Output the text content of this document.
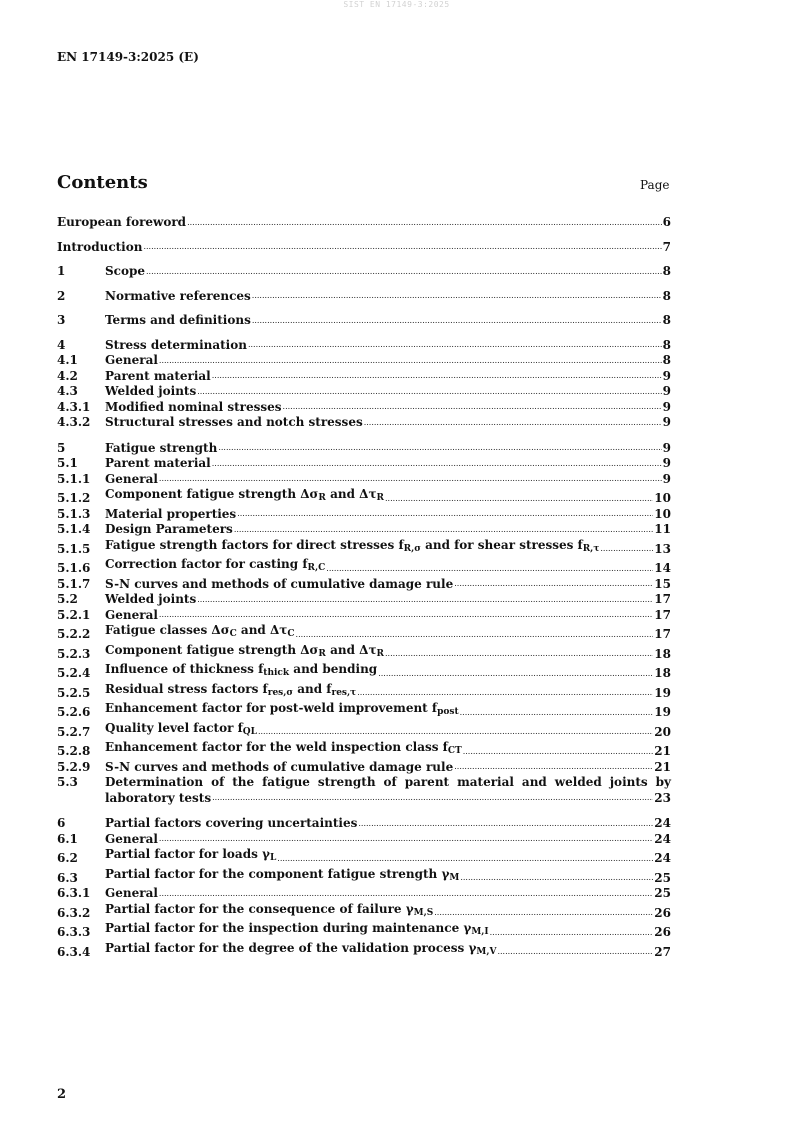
SIST EN 17149-3:2025
EN 17149-3:2025 (E)
Contents	Page
European foreword .....	6
Introduction .....	7
1	Scope .....	8
2	Normative references .....	8
3	Terms and definitions .....	8
4	Stress determination .....	8
4.1	General .....	8
4.2	Parent material .....	9
4.3	Welded joints .....	9
4.3.1	Modified nominal stresses .....	9
4.3.2	Structural stresses and notch stresses .....	9
5	Fatigue strength .....	9
5.1	Parent material .....	9
5.1.1	General .....	9
5.1.2	Component fatigue strength $\Delta\sigma_R$ and $\Delta\tau_R$ .....	10
5.1.3	Material properties .....	10
5.1.4	Design Parameters .....	11
5.1.5	Fatigue strength factors for direct stresses $f_{R,\sigma}$ and for shear stresses $f_{R,\tau}$ .....	13
5.1.6	Correction factor for casting $f_{R,C}$ .....	14
5.1.7	S-N curves and methods of cumulative damage rule .....	15
5.2	Welded joints .....	17
5.2.1	General .....	17
5.2.2	Fatigue classes $\Delta\sigma_C$ and $\Delta\tau_C$ .....	17
5.2.3	Component fatigue strength $\Delta\sigma_R$ and $\Delta\tau_R$ .....	18
5.2.4	Influence of thickness $f_{thick}$ and bending .....	18
5.2.5	Residual stress factors $f_{res,\sigma}$ and $f_{res,\tau}$ .....	19
5.2.6	Enhancement factor for post-weld improvement $f_{post}$ .....	19
5.2.7	Quality level factor $f_{QL}$ .....	20
5.2.8	Enhancement factor for the weld inspection class $f_{CT}$ .....	21
5.2.9	S-N curves and methods of cumulative damage rule .....	21
5.3	Determination of the fatigue strength of parent material and welded joints by
laboratory tests .....	23
6	Partial factors covering uncertainties .....	24
6.1	General .....	24
6.2	Partial factor for loads $\gamma_L$ .....	24
6.3	Partial factor for the component fatigue strength $\gamma_M$ .....	25
6.3.1	General .....	25
6.3.2	Partial factor for the consequence of failure $\gamma_{M,S}$ .....	26
6.3.3	Partial factor for the inspection during maintenance $\gamma_{M,I}$ .....	26
6.3.4	Partial factor for the degree of the validation process $\gamma_{M,V}$ .....	27
2
